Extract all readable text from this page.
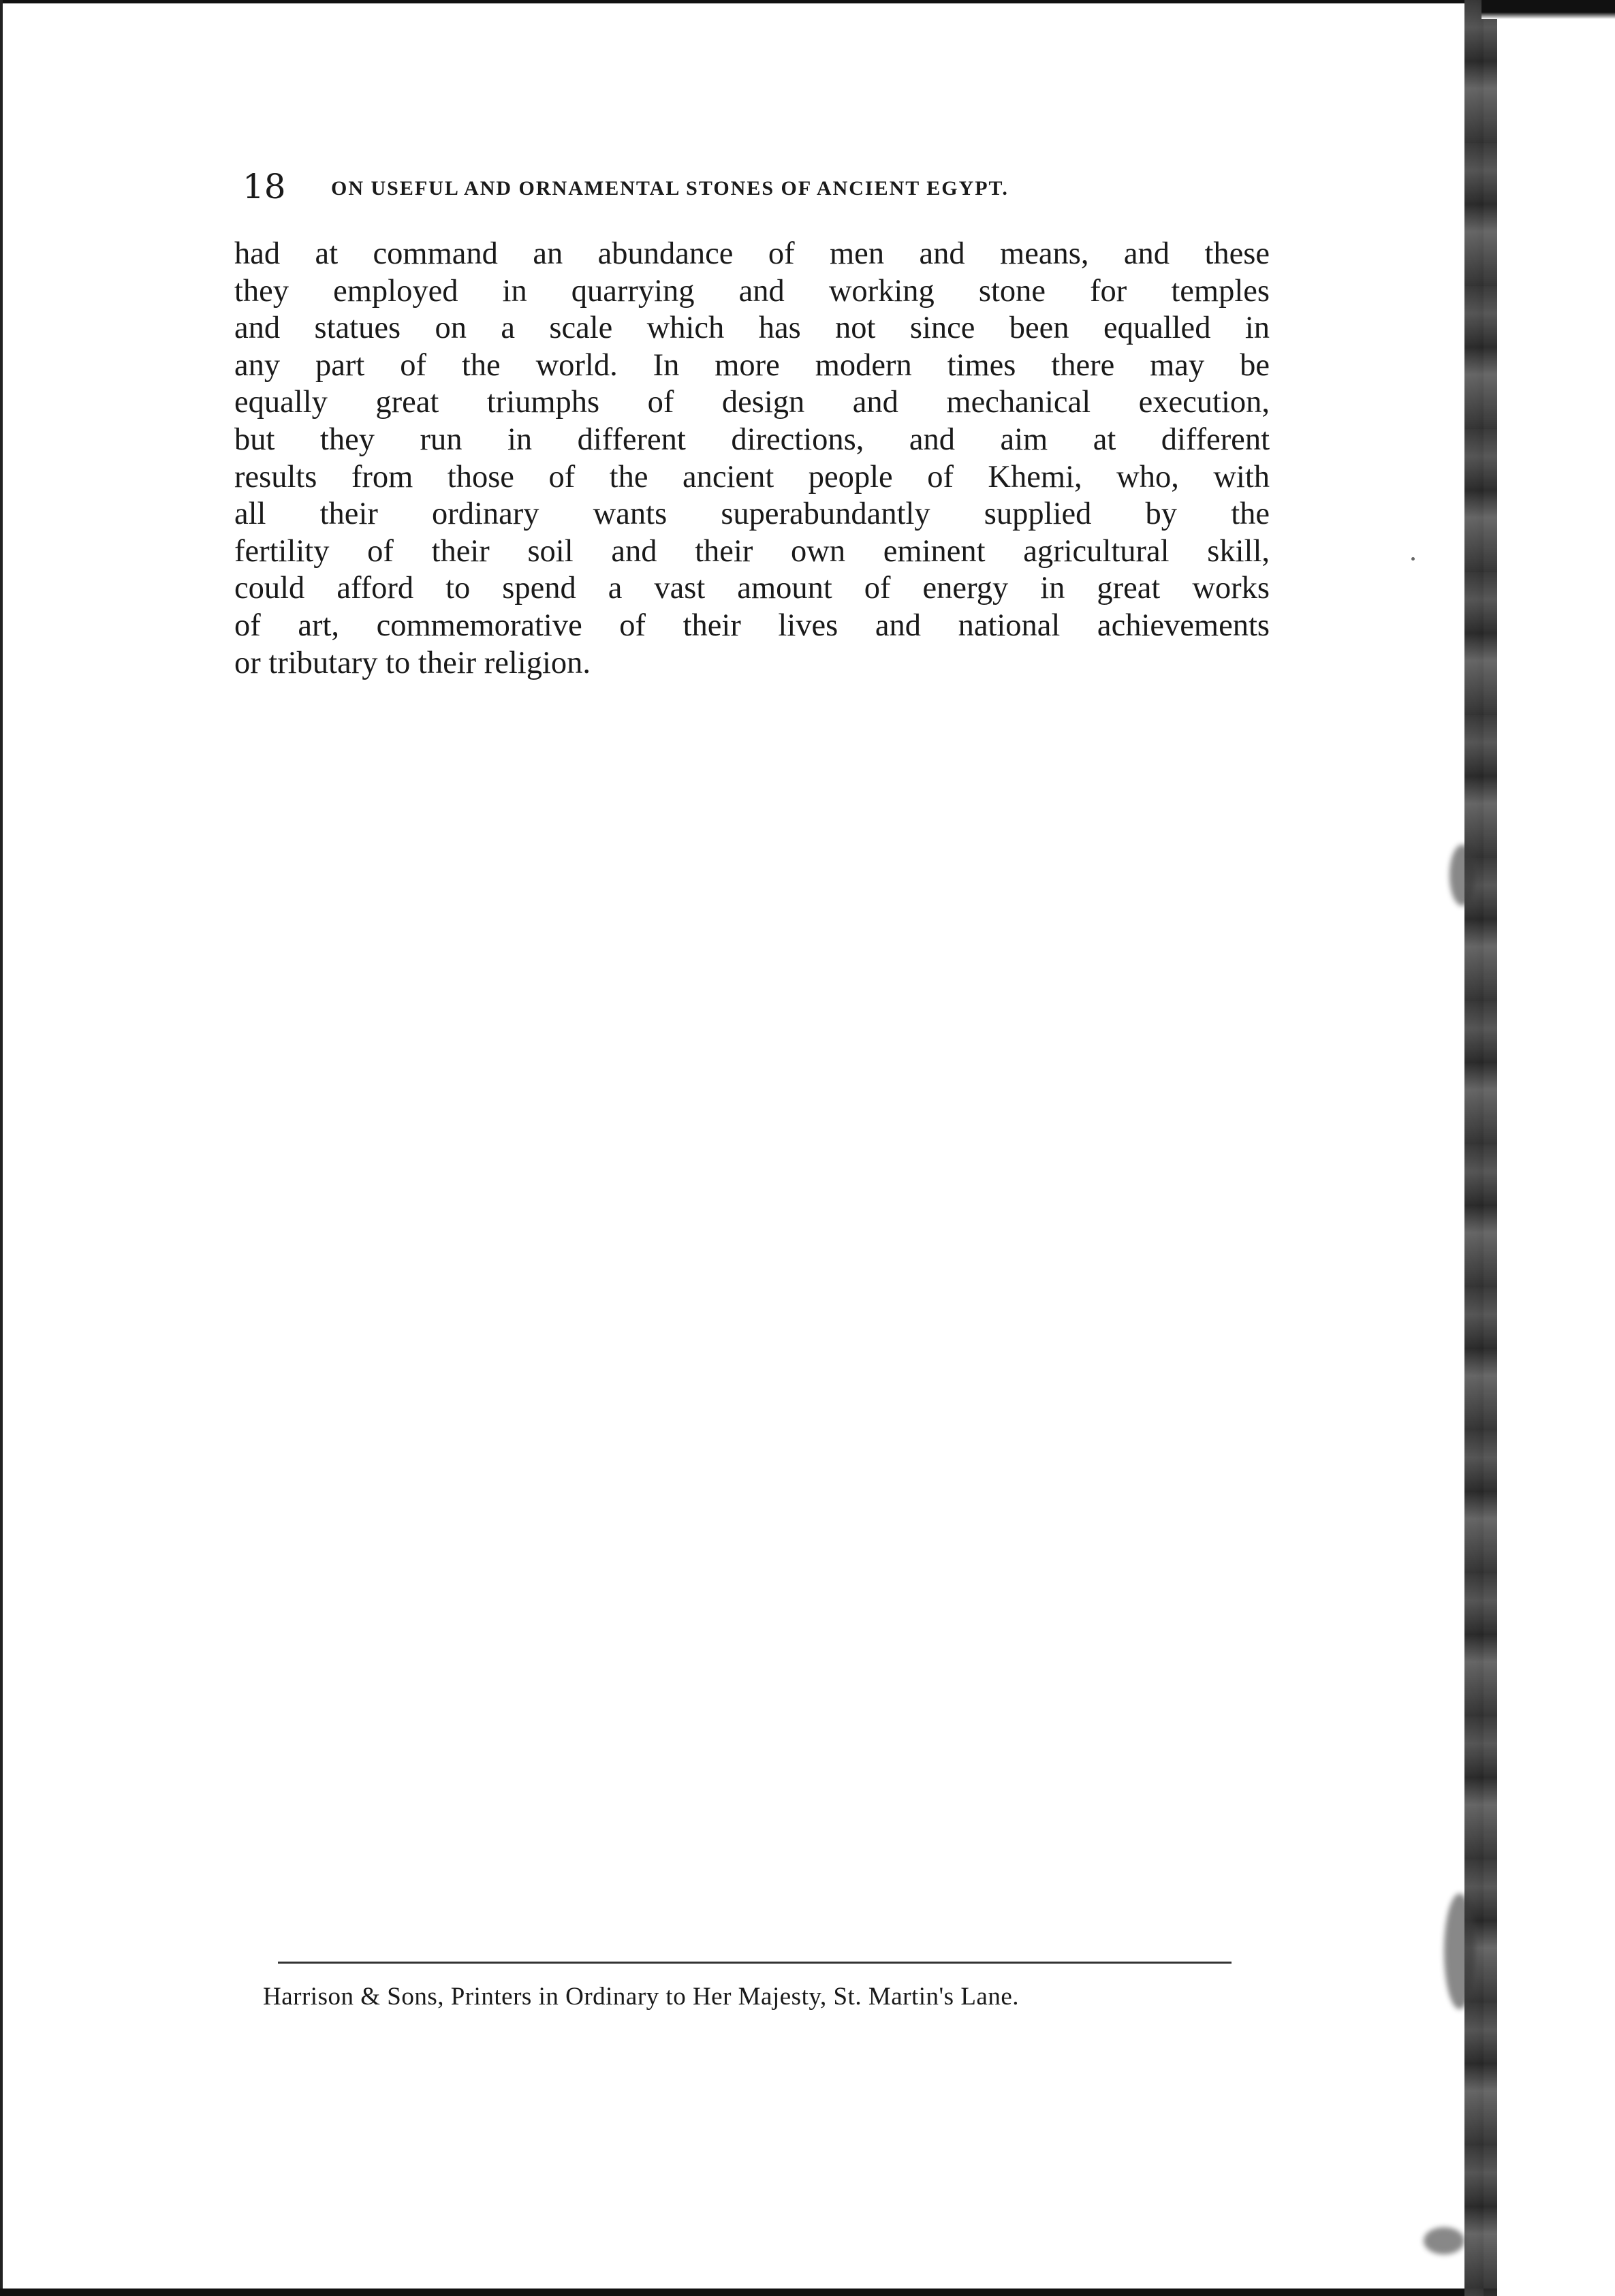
18 ON USEFUL AND ORNAMENTAL STONES OF ANCIENT EGYPT.
had at command an abundance of men and means, and these
they employed in quarrying and working stone for temples
and statues on a scale which has not since been equalled in
any part of the world. In more modern times there may be
equally great triumphs of design and mechanical execution,
but they run in different directions, and aim at different
results from those of the ancient people of Khemi, who, with
all their ordinary wants superabundantly supplied by the
fertility of their soil and their own eminent agricultural skill,
could afford to spend a vast amount of energy in great works
of art, commemorative of their lives and national achievements
or tributary to their religion.
Harrison & Sons, Printers in Ordinary to Her Majesty, St. Martin's Lane.
